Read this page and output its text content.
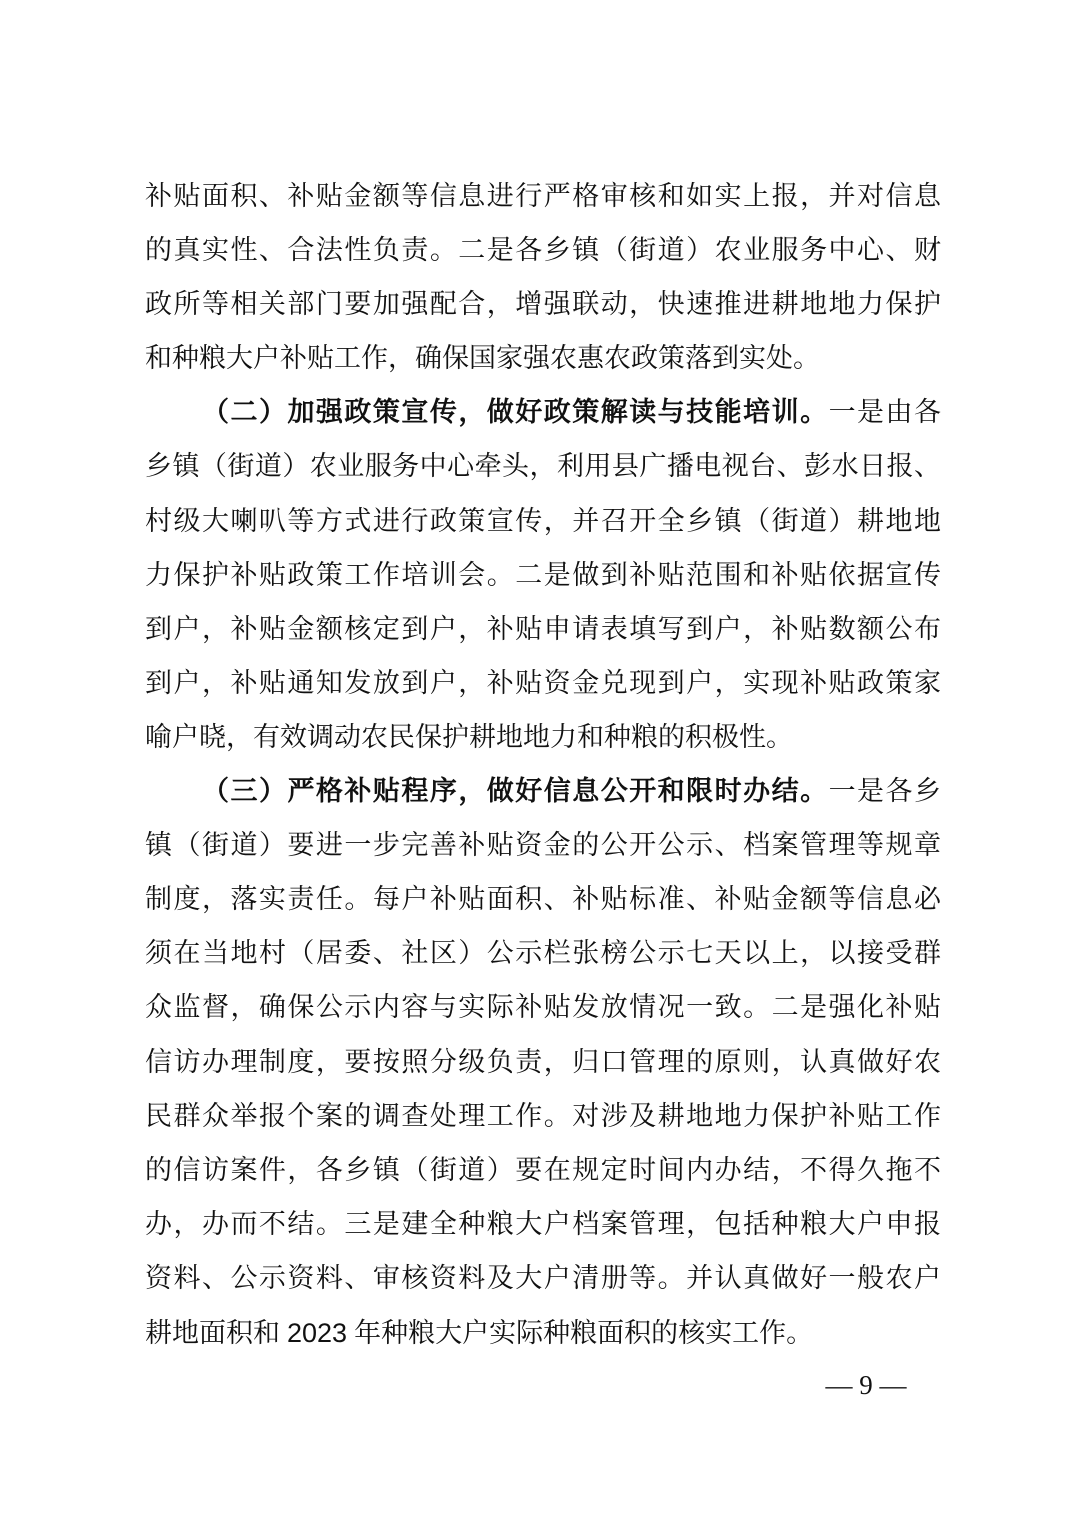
补贴面积、补贴金额等信息进行严格审核和如实上报，并对信息
的真实性、合法性负责。二是各乡镇（街道）农业服务中心、财
政所等相关部门要加强配合，增强联动，快速推进耕地地力保护
和种粮大户补贴工作，确保国家强农惠农政策落到实处。
（二）加强政策宣传，做好政策解读与技能培训。一是由各
乡镇（街道）农业服务中心牵头，利用县广播电视台、彭水日报、
村级大喇叭等方式进行政策宣传，并召开全乡镇（街道）耕地地
力保护补贴政策工作培训会。二是做到补贴范围和补贴依据宣传
到户，补贴金额核定到户，补贴申请表填写到户，补贴数额公布
到户，补贴通知发放到户，补贴资金兑现到户，实现补贴政策家
喻户晓，有效调动农民保护耕地地力和种粮的积极性。
（三）严格补贴程序，做好信息公开和限时办结。一是各乡
镇（街道）要进一步完善补贴资金的公开公示、档案管理等规章
制度，落实责任。每户补贴面积、补贴标准、补贴金额等信息必
须在当地村（居委、社区）公示栏张榜公示七天以上，以接受群
众监督，确保公示内容与实际补贴发放情况一致。二是强化补贴
信访办理制度，要按照分级负责，归口管理的原则，认真做好农
民群众举报个案的调查处理工作。对涉及耕地地力保护补贴工作
的信访案件，各乡镇（街道）要在规定时间内办结，不得久拖不
办，办而不结。三是建全种粮大户档案管理，包括种粮大户申报
资料、公示资料、审核资料及大户清册等。并认真做好一般农户
耕地面积和 2023 年种粮大户实际种粮面积的核实工作。
— 9 —
